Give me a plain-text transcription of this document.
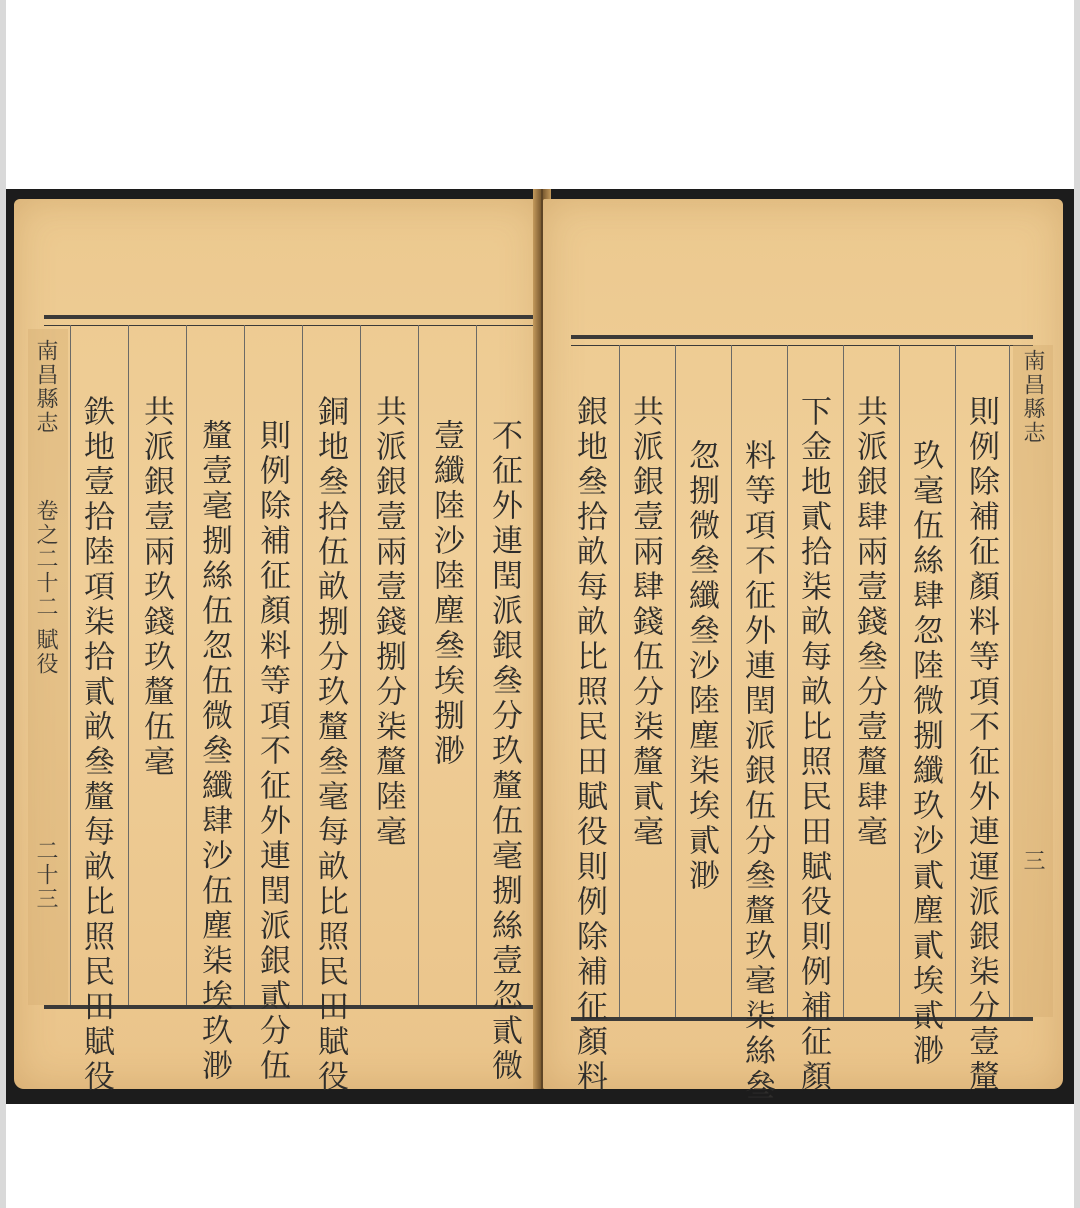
南昌縣志
卷之二十二 賦役
二十三	不征外連閏派銀叄分玖釐伍毫捌絲壹忽貳微
壹纖陸沙陸塵叄埃捌渺
共派銀壹兩壹錢捌分柒釐陸毫
銅地叄拾伍畝捌分玖釐叄毫每畝比照民田賦役
則例除補征顏料等項不征外連閏派銀貳分伍
釐壹毫捌絲伍忽伍微叄纖肆沙伍塵柒埃玖渺
共派銀壹兩玖錢玖釐伍毫
鉄地壹拾陸項柒拾貳畝叄釐每畝比照民田賦役	南昌縣志
三
則例除補征顏料等項不征外連運派銀柒分壹釐
玖毫伍絲肆忽陸微捌纖玖沙貳塵貳埃貳渺
共派銀肆兩壹錢叄分壹釐肆毫
下金地貳拾柒畝每畝比照民田賦役則例補征顏
料等項不征外連閏派銀伍分叄釐玖毫柒絲叄
忽捌微叄纖叄沙陸塵柒埃貳渺
共派銀壹兩肆錢伍分柒釐貳毫
銀地叄拾畝每畝比照民田賦役則例除補征顏料
